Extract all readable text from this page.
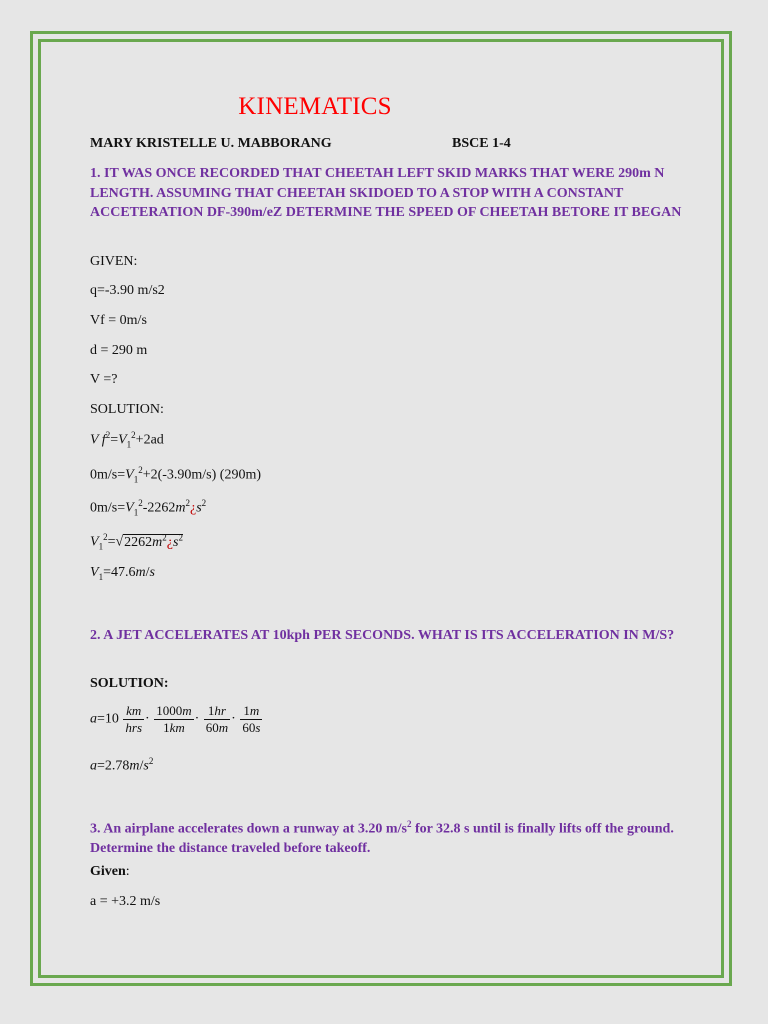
KINEMATICS
MARY KRISTELLE U. MABBORANG	BSCE 1-4
1. IT WAS ONCE RECORDED THAT CHEETAH LEFT SKID MARKS THAT WERE 290m N LENGTH. ASSUMING THAT CHEETAH SKIDOED TO A STOP WITH A CONSTANT ACCETERATION DF-390m/eZ DETERMINE THE SPEED OF CHEETAH BETORE IT BEGAN
GIVEN:
q=-3.90 m/s2
Vf = 0m/s
d = 290 m
V =?
SOLUTION:
V $f^2=V_1^2+2ad$
$0m/s=V_1^2+2(-3.90m/s)$ (290m)
$0m/s=V_1^2-2262m^2¿s^2$
$V_1^2=√2262m^2¿s^2$
$V_1=47.6m/s$
2. A JET ACCELERATES AT 10kph PER SECONDS. WHAT IS ITS ACCELERATION IN M/S?
SOLUTION:
$a=10 \frac{km}{\text{hrs}} \cdot \frac{1000m}{1km} \cdot \frac{1hr}{60m} \cdot \frac{1m}{60s}$
$a=2.78m/s^2$
3. An airplane accelerates down a runway at 3.20 $m/s^2$ for 32.8 s until is finally lifts off the ground. Determine the distance traveled before takeoff.
Given:
a = +3.2 m/s
